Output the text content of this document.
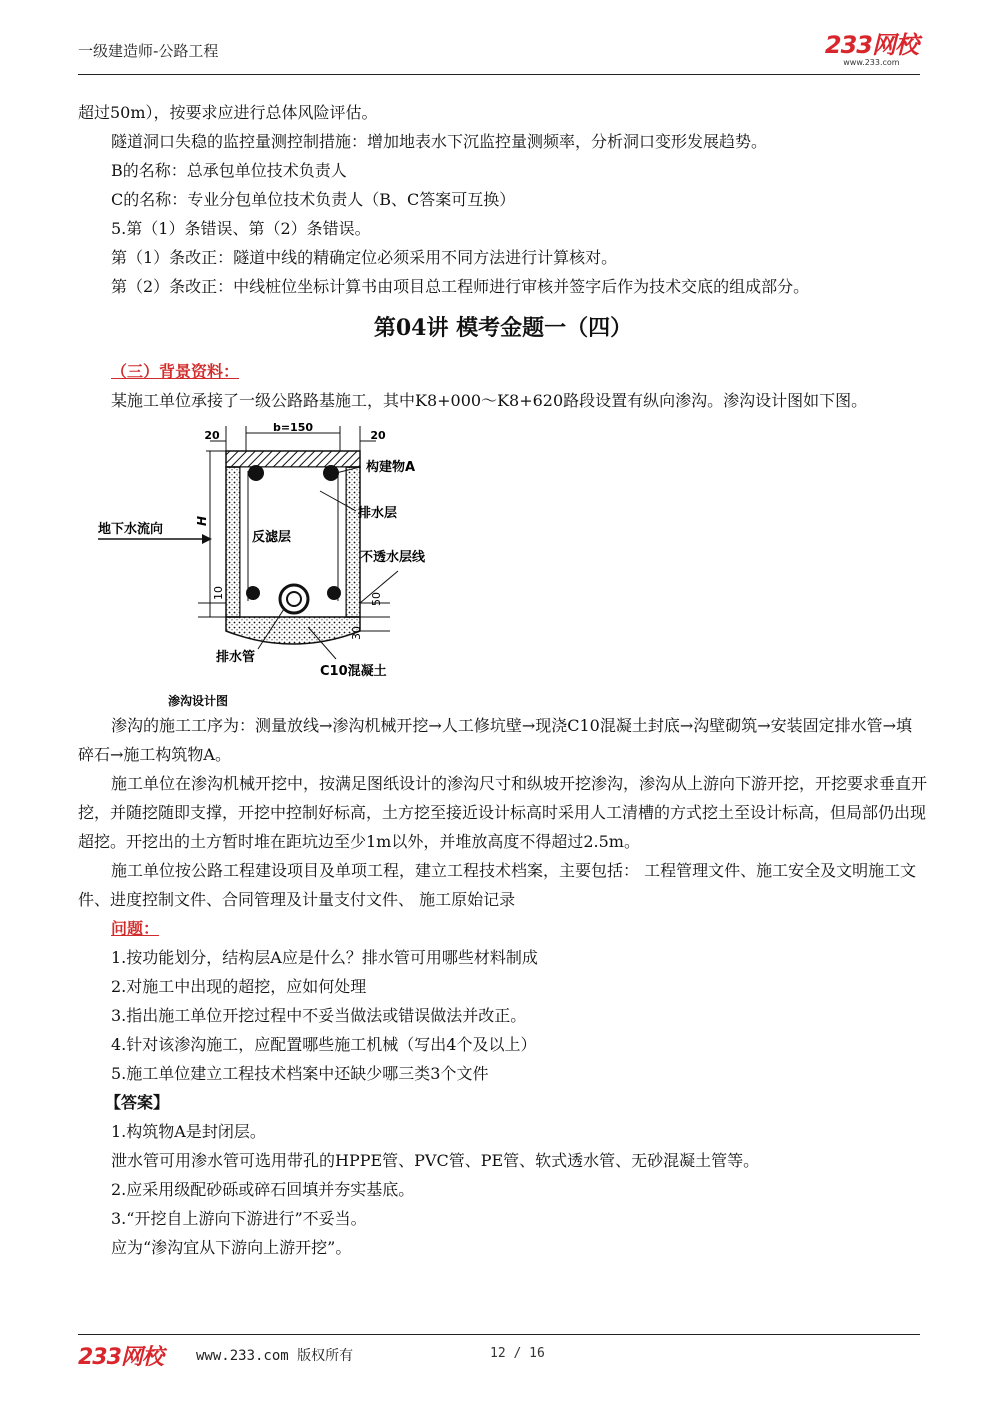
一级建造师-公路工程	233网校
www.233.com

超过50m），按要求应进行总体风险评估。

隧道洞口失稳的监控量测控制措施：增加地表水下沉监控量测频率，分析洞口变形发展趋势。

B的名称：总承包单位技术负责人

C的名称：专业分包单位技术负责人（B、C答案可互换）

5.第（1）条错误、第（2）条错误。

第（1）条改正：隧道中线的精确定位必须采用不同方法进行计算核对。

第（2）条改正：中线桩位坐标计算书由项目总工程师进行审核并签字后作为技术交底的组成部分。

第04讲 模考金题一（四）

（三）背景资料：

某施工单位承接了一级公路路基施工，其中K8+000～K8+620路段设置有纵向渗沟。渗沟设计图如下图。

b=150
20	20
H
10
地下水流向
构建物A
排水层
反滤层
不透水层线
50
30
排水管
C10混凝土
渗沟设计图

渗沟的施工工序为：测量放线→渗沟机械开挖→人工修坑壁→现浇C10混凝土封底→沟壁砌筑→安装固定排水管→填碎石→施工构筑物A。

施工单位在渗沟机械开挖中，按满足图纸设计的渗沟尺寸和纵坡开挖渗沟，渗沟从上游向下游开挖，开挖要求垂直开挖，并随挖随即支撑，开挖中控制好标高，土方挖至接近设计标高时采用人工清槽的方式挖土至设计标高，但局部仍出现超挖。开挖出的土方暂时堆在距坑边至少1m以外，并堆放高度不得超过2.5m。

施工单位按公路工程建设项目及单项工程，建立工程技术档案，主要包括： 工程管理文件、施工安全及文明施工文件、进度控制文件、合同管理及计量支付文件、 施工原始记录

问题：

1.按功能划分，结构层A应是什么？排水管可用哪些材料制成

2.对施工中出现的超挖，应如何处理

3.指出施工单位开挖过程中不妥当做法或错误做法并改正。

4.针对该渗沟施工，应配置哪些施工机械（写出4个及以上）

5.施工单位建立工程技术档案中还缺少哪三类3个文件

【答案】

1.构筑物A是封闭层。

泄水管可用渗水管可选用带孔的HPPE管、PVC管、PE管、软式透水管、无砂混凝土管等。

2.应采用级配砂砾或碎石回填并夯实基底。

3.“开挖自上游向下游进行”不妥当。

应为“渗沟宜从下游向上游开挖”。

233网校 www.233.com 版权所有	12 / 16
